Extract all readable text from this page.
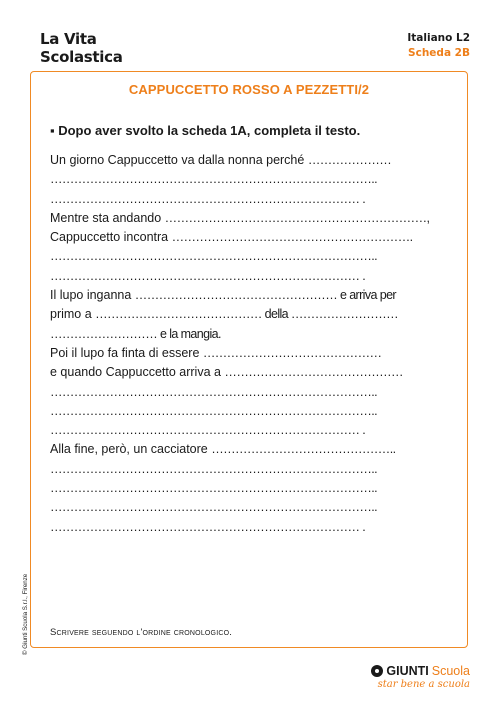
La Vita
Scolastica
Italiano L2
Scheda 2B
CAPPUCCETTO ROSSO A PEZZETTI/2
▪ Dopo aver svolto la scheda 1A, completa il testo.
Un giorno Cappuccetto va dalla nonna perché …………………
………………………………………………………………………..
…………………………………………………………………… .
Mentre sta andando …………………………………………………………,
Cappuccetto incontra …………………………………………………….
………………………………………………………………………..
…………………………………………………………………… .
Il lupo inganna …………………………………………… e arriva per
primo a …………………………………… della ………………………
……………………… e la mangia.
Poi il lupo fa finta di essere ………………………………………
e quando Cappuccetto arriva a ………………………………………
………………………………………………………………………..
………………………………………………………………………..
…………………………………………………………………… .
Alla fine, però, un cacciatore ………………………………………..
………………………………………………………………………..
………………………………………………………………………..
………………………………………………………………………..
…………………………………………………………………… .
Scrivere seguendo l'ordine cronologico.
© Giunti Scuola S.r.l., Firenze
GIUNTI Scuola
star bene a scuola
